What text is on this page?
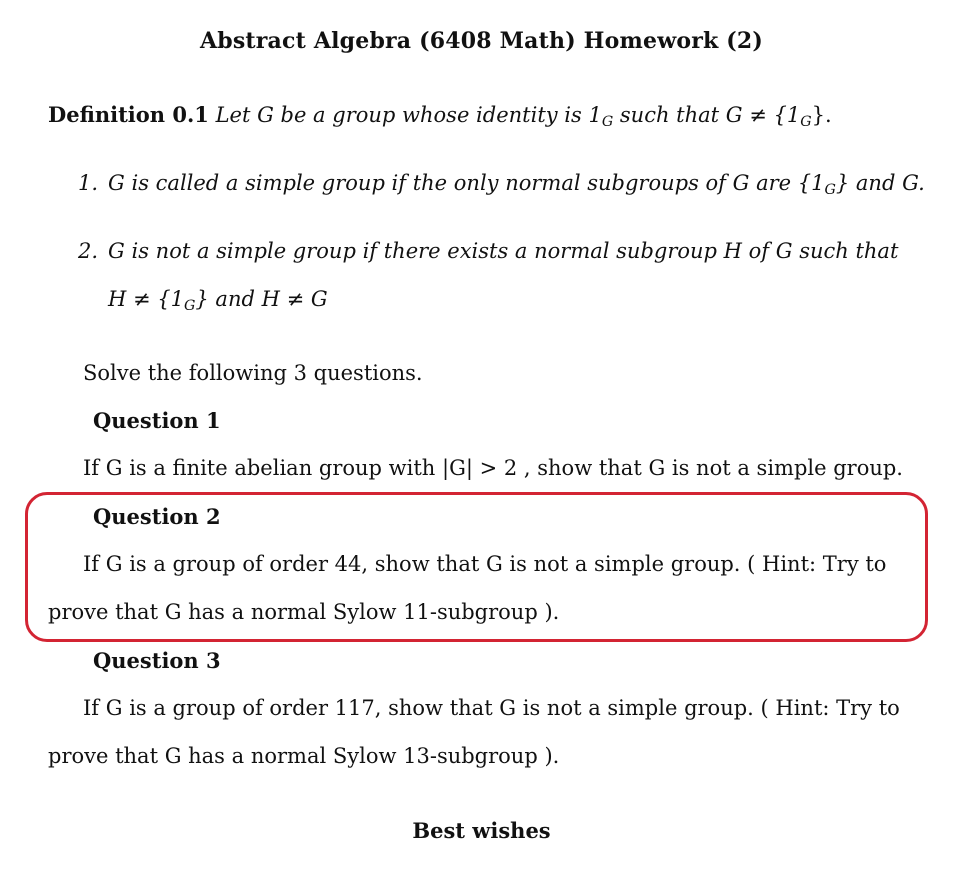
Abstract Algebra (6408 Math) Homework (2)
Definition 0.1 Let G be a group whose identity is $1_G$ such that $G \ne \{1_G\}$.
1. G is called a simple group if the only normal subgroups of G are $\{1_G\}$ and G.
2. G is not a simple group if there exists a normal subgroup H of G such that
$H \ne \{1_G\}$ and H ≠ G
Solve the following 3 questions.
Question 1
If G is a finite abelian group with |G| > 2 , show that G is not a simple group.
Question 2
If G is a group of order 44, show that G is not a simple group. ( Hint: Try to
prove that G has a normal Sylow 11-subgroup ).
Question 3
If G is a group of order 117, show that G is not a simple group. ( Hint: Try to
prove that G has a normal Sylow 13-subgroup ).
Best wishes
